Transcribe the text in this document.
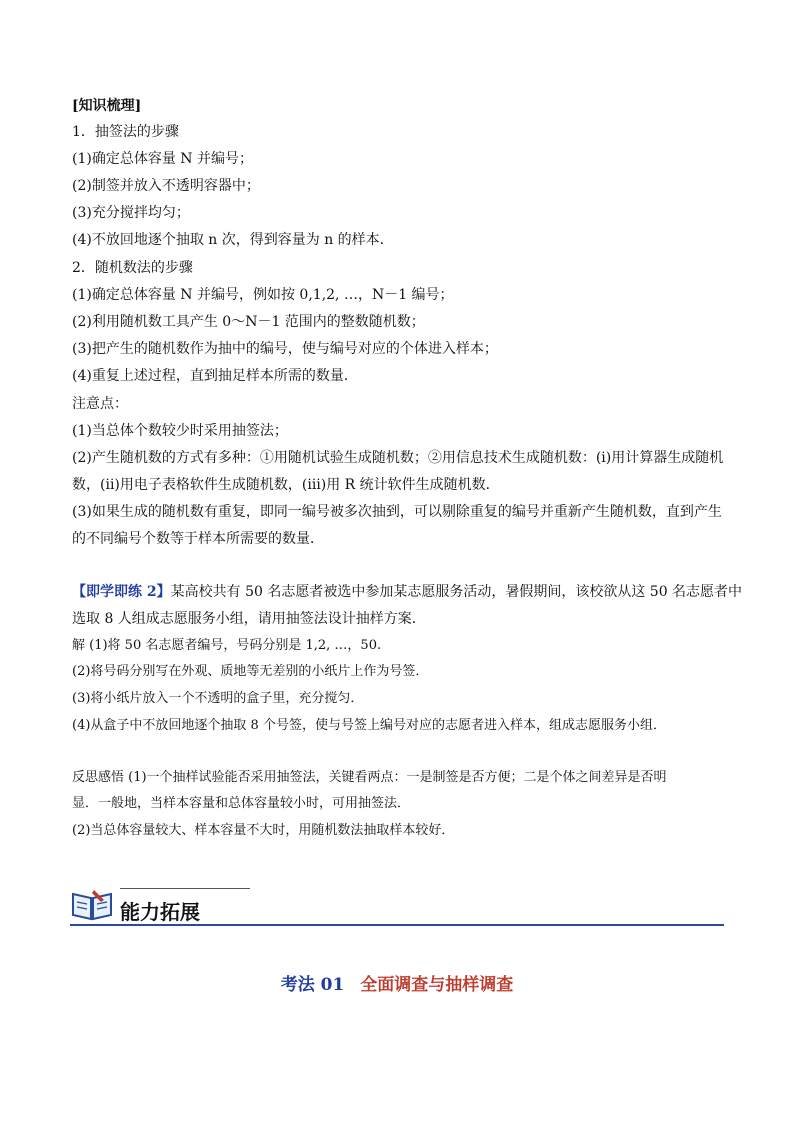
[知识梳理]
1．抽签法的步骤
(1)确定总体容量 N 并编号；
(2)制签并放入不透明容器中；
(3)充分搅拌均匀；
(4)不放回地逐个抽取 n 次，得到容量为 n 的样本．
2．随机数法的步骤
(1)确定总体容量 N 并编号，例如按 0,1,2, …，N－1 编号；
(2)利用随机数工具产生 0～N－1 范围内的整数随机数；
(3)把产生的随机数作为抽中的编号，使与编号对应的个体进入样本；
(4)重复上述过程，直到抽足样本所需的数量．
注意点：
(1)当总体个数较少时采用抽签法；
(2)产生随机数的方式有多种：①用随机试验生成随机数；②用信息技术生成随机数：(ⅰ)用计算器生成随机
数，(ⅱ)用电子表格软件生成随机数，(ⅲ)用 R 统计软件生成随机数．
(3)如果生成的随机数有重复，即同一编号被多次抽到，可以剔除重复的编号并重新产生随机数，直到产生
的不同编号个数等于样本所需要的数量．
【即学即练 2】某高校共有 50 名志愿者被选中参加某志愿服务活动，暑假期间，该校欲从这 50 名志愿者中
选取 8 人组成志愿服务小组，请用抽签法设计抽样方案．
解 (1)将 50 名志愿者编号，号码分别是 1,2, …，50.
(2)将号码分别写在外观、质地等无差别的小纸片上作为号签．
(3)将小纸片放入一个不透明的盒子里，充分搅匀．
(4)从盒子中不放回地逐个抽取 8 个号签，使与号签上编号对应的志愿者进入样本，组成志愿服务小组．
反思感悟 (1)一个抽样试验能否采用抽签法，关键看两点：一是制签是否方便；二是个体之间差异是否明
显．一般地，当样本容量和总体容量较小时，可用抽签法．
(2)当总体容量较大、样本容量不大时，用随机数法抽取样本较好．
能力拓展
考法 01 全面调查与抽样调查
